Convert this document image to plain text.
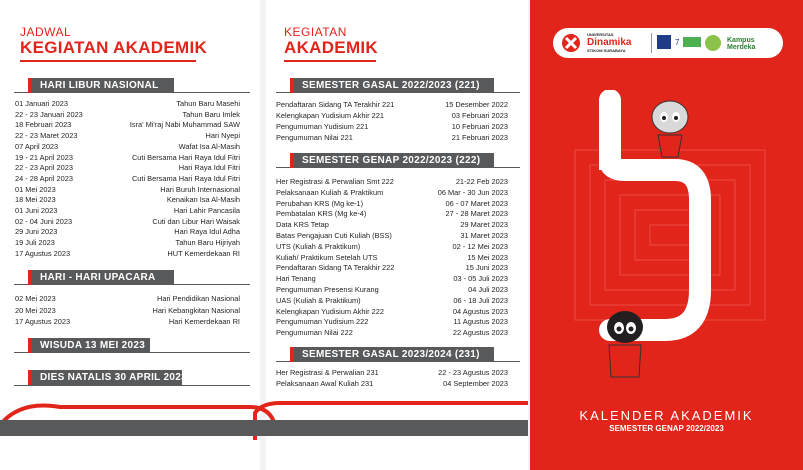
JADWAL
KEGIATAN AKADEMIK
HARI LIBUR NASIONAL
01 Januari 2023	Tahun Baru Masehi
22 - 23 Januari 2023	Tahun Baru Imlek
18 Februari 2023	Isra' Mi'raj Nabi Muhammad SAW
22 - 23 Maret 2023	Hari Nyepi
07 April 2023	Wafat Isa Al-Masih
19 - 21 April 2023	Cuti Bersama Hari Raya Idul Fitri
22 - 23 April 2023	Hari Raya Idul Fitri
24 - 28 April 2023	Cuti Bersama Hari Raya Idul Fitri
01 Mei 2023	Hari Buruh Internasional
18 Mei 2023	Kenaikan Isa Al-Masih
01 Juni 2023	Hari Lahir Pancasila
02 - 04 Juni 2023	Cuti dan Libur Hari Waisak
29 Juni 2023	Hari Raya Idul Adha
19 Juli 2023	Tahun Baru Hijriyah
17 Agustus 2023	HUT Kemerdekaan RI
HARI - HARI UPACARA
02 Mei 2023	Hari Pendidikan Nasional
20 Mei 2023	Hari Kebangkitan Nasional
17 Agustus 2023	Hari Kemerdekaan RI
WISUDA 13 MEI 2023
DIES NATALIS 30 APRIL 2023
KEGIATAN
AKADEMIK
SEMESTER GASAL 2022/2023 (221)
Pendaftaran Sidang TA Terakhir 221	15 Desember 2022
Kelengkapan Yudisium Akhir 221	03 Februari 2023
Pengumuman Yudisium 221	10 Februari 2023
Pengumuman Nilai 221	21 Februari 2023
SEMESTER GENAP 2022/2023 (222)
Her Registrasi & Perwalian Smt 222	21-22 Feb 2023
Pelaksanaan Kuliah & Praktikum	06 Mar - 30 Jun 2023
Perubahan KRS (Mg ke-1)	06 - 07 Maret 2023
Pembatalan KRS (Mg ke-4)	27 - 28 Maret 2023
Data KRS Tetap	29 Maret 2023
Batas Pengajuan Cuti Kuliah (BSS)	31 Maret 2023
UTS (Kuliah & Praktikum)	02 - 12 Mei 2023
Kuliah/ Praktikum Setelah UTS	15 Mei 2023
Pendaftaran Sidang TA Terakhir 222	15 Juni 2023
Hari Tenang	03 - 05 Juli 2023
Pengumuman Presensi Kurang	04 Juli 2023
UAS (Kuliah & Praktikum)	06 - 18 Juli 2023
Kelengkapan Yudisium Akhir 222	04 Agustus 2023
Pengumuman Yudisium 222	11 Agustus 2023
Pengumuman Nilai 222	22 Agustus 2023
SEMESTER GASAL 2023/2024 (231)
Her Registrasi & Perwalian 231	22 - 23 Agustus 2023
Pelaksanaan Awal Kuliah 231	04 September 2023
UNIVERSITAS
Dinamika
STIKOM SURABAYA
7	Kampus Merdeka
KALENDER AKADEMIK
SEMESTER GENAP 2022/2023
